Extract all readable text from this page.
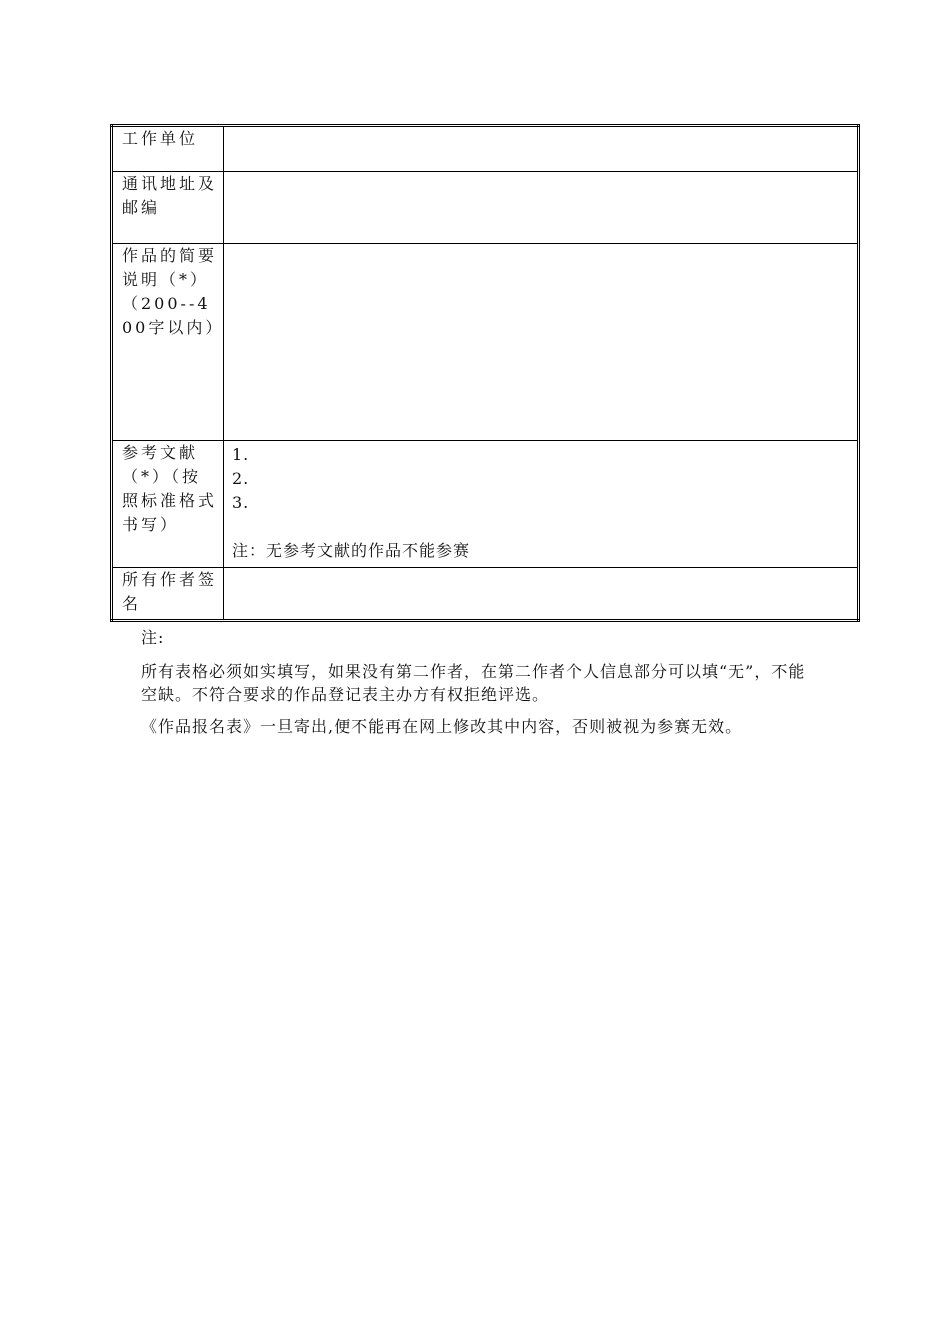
工作单位	
通讯地址及邮编	
作品的简要说明（*）（200--400字以内）	
参考文献（*）（按照标准格式书写）	1.
2.
3.
注：无参考文献的作品不能参赛

所有作者签名	

注:

所有表格必须如实填写，如果没有第二作者，在第二作者个人信息部分可以填“无”，不能空缺。不符合要求的作品登记表主办方有权拒绝评选。

《作品报名表》一旦寄出,便不能再在网上修改其中内容，否则被视为参赛无效。
